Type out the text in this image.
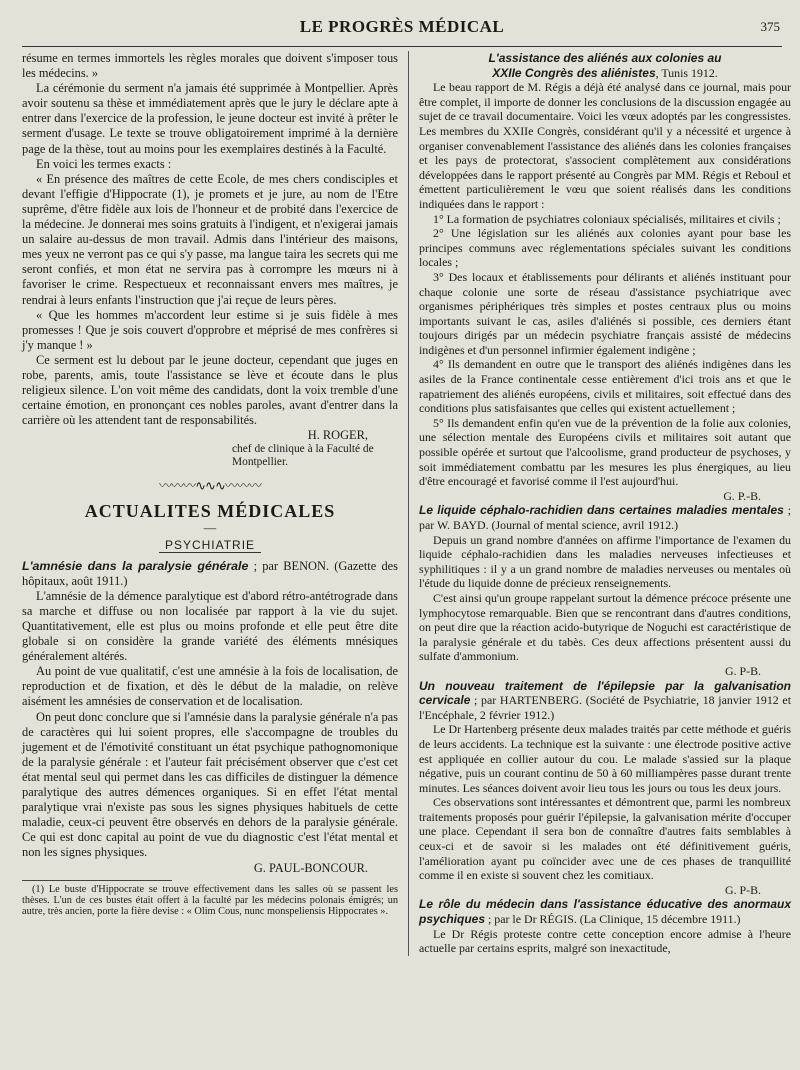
LE PROGRÈS MÉDICAL	375

résume en termes immortels les règles morales que doivent s'imposer tous les médecins. »

La cérémonie du serment n'a jamais été supprimée à Montpellier. Après avoir soutenu sa thèse et immédiatement après que le jury le déclare apte à entrer dans l'exercice de la profession, le jeune docteur est invité à prêter le serment d'usage. Le texte se trouve obligatoirement imprimé à la dernière page de la thèse, tout au moins pour les exemplaires destinés à la Faculté.

En voici les termes exacts :

« En présence des maîtres de cette Ecole, de mes chers condisciples et devant l'effigie d'Hippocrate (1), je promets et je jure, au nom de l'Etre suprême, d'être fidèle aux lois de l'honneur et de probité dans l'exercice de la médecine. Je donnerai mes soins gratuits à l'indigent, et n'exigerai jamais un salaire au-dessus de mon travail. Admis dans l'intérieur des maisons, mes yeux ne verront pas ce qui s'y passe, ma langue taira les secrets qui me seront confiés, et mon état ne servira pas à corrompre les mœurs ni à favoriser le crime. Respectueux et reconnaissant envers mes maîtres, je rendrai à leurs enfants l'instruction que j'ai reçue de leurs pères.

« Que les hommes m'accordent leur estime si je suis fidèle à mes promesses ! Que je sois couvert d'opprobre et méprisé de mes confrères si j'y manque ! »

Ce serment est lu debout par le jeune docteur, cependant que juges en robe, parents, amis, toute l'assistance se lève et écoute dans le plus religieux silence. L'on voit même des candidats, dont la voix tremble d'une certaine émotion, en prononçant ces nobles paroles, avant d'entrer dans la carrière où les attendent tant de responsabilités.

H. ROGER,

chef de clinique à la Faculté de Montpellier.

〰〰〰∿∿∿〰〰〰
ACTUALITES MÉDICALES
—
PSYCHIATRIE

L'amnésie dans la paralysie générale ; par BENON. (Gazette des hôpitaux, août 1911.)

L'amnésie de la démence paralytique est d'abord rétro-antétrograde dans sa marche et diffuse ou non localisée par rapport à la vie du sujet. Quantitativement, elle est plus ou moins profonde et elle peut être dite globale si on considère la grande variété des éléments mnésiques généralement altérés.

Au point de vue qualitatif, c'est une amnésie à la fois de localisation, de reproduction et de fixation, et dès le début de la maladie, on relève aisément les amnésies de conservation et de localisation.

On peut donc conclure que si l'amnésie dans la paralysie générale n'a pas de caractères qui lui soient propres, elle s'accompagne de troubles du jugement et de l'émotivité constituant un état psychique pathognomonique de la paralysie générale : et l'auteur fait précisément observer que c'est cet état mental seul qui permet dans les cas difficiles de distinguer la démence paralytique des autres démences organiques. Si en effet l'état mental paralytique vrai n'existe pas sous les signes physiques habituels de cette maladie, ceux-ci peuvent être observés en dehors de la paralysie générale. Ce qui est donc capital au point de vue du diagnostic c'est l'état mental et non les signes physiques.

G. PAUL-BONCOUR.

(1) Le buste d'Hippocrate se trouve effectivement dans les salles où se passent les thèses. L'un de ces bustes était offert à la faculté par les médecins polonais émigrés; un autre, très ancien, porte la fière devise : « Olim Cous, nunc monspeliensis Hippocrates ».

L'assistance des aliénés aux colonies au
XXIIe Congrès des aliénistes, Tunis 1912.

Le beau rapport de M. Régis a déjà été analysé dans ce journal, mais pour être complet, il importe de donner les conclusions de la discussion engagée au sujet de ce travail documentaire. Voici les vœux adoptés par les congressistes. Les membres du XXIIe Congrès, considérant qu'il y a nécessité et urgence à organiser convenablement l'assistance des aliénés dans les colonies françaises et les pays de protectorat, s'associent complètement aux considérations développées dans le rapport présenté au Congrès par MM. Régis et Reboul et émettent particulièrement le vœu que soient réalisés dans les conditions indiquées dans le rapport :

1° La formation de psychiatres coloniaux spécialisés, militaires et civils ;

2° Une législation sur les aliénés aux colonies ayant pour base les principes communs avec réglementations spéciales suivant les conditions locales ;

3° Des locaux et établissements pour délirants et aliénés instituant pour chaque colonie une sorte de réseau d'assistance psychiatrique avec organismes périphériques très simples et postes centraux plus ou moins importants suivant le cas, asiles d'aliénés si possible, ces derniers étant toujours dirigés par un médecin psychiatre français assisté de médecins indigènes et d'un personnel infirmier également indigène ;

4° Ils demandent en outre que le transport des aliénés indigènes dans les asiles de la France continentale cesse entièrement d'ici trois ans et que le rapatriement des aliénés européens, civils et militaires, soit effectué dans des conditions plus satisfaisantes que celles qui existent actuellement ;

5° Ils demandent enfin qu'en vue de la prévention de la folie aux colonies, une sélection mentale des Européens civils et militaires soit autant que possible opérée et surtout que l'alcoolisme, grand producteur de psychoses, y soit immédiatement combattu par les mesures les plus énergiques, au lieu d'être encouragé et favorisé comme il l'est aujourd'hui.

G. P.-B.

Le liquide céphalo-rachidien dans certaines maladies mentales ; par W. BAYD. (Journal of mental science, avril 1912.)

Depuis un grand nombre d'années on affirme l'importance de l'examen du liquide céphalo-rachidien dans les maladies nerveuses infectieuses et syphilitiques : il y a un grand nombre de maladies nerveuses ou mentales où l'étude du liquide donne de précieux renseignements.

C'est ainsi qu'un groupe rappelant surtout la démence précoce présente une lymphocytose remarquable. Bien que se rencontrant dans d'autres conditions, on peut dire que la réaction acido-butyrique de Noguchi est caractéristique de la paralysie générale et du tabès. Ces deux affections présentent aussi du sulfate d'ammonium.

G. P-B.

Un nouveau traitement de l'épilepsie par la galvanisation cervicale ; par HARTENBERG. (Société de Psychiatrie, 18 janvier 1912 et l'Encéphale, 2 février 1912.)

Le Dr Hartenberg présente deux malades traités par cette méthode et guéris de leurs accidents. La technique est la suivante : une électrode positive active est appliquée en collier autour du cou. Le malade s'assied sur la plaque négative, puis un courant continu de 50 à 60 milliampères passe durant trente minutes. Les séances doivent avoir lieu tous les jours ou tous les deux jours.

Ces observations sont intéressantes et démontrent que, parmi les nombreux traitements proposés pour guérir l'épilepsie, la galvanisation mérite d'occuper une place. Cependant il sera bon de connaître d'autres faits semblables à ceux-ci et de savoir si les malades ont été définitivement guéris, l'amélioration ayant pu coïncider avec une de ces phases de tranquillité comme il en existe si souvent chez les comitiaux.

G. P-B.

Le rôle du médecin dans l'assistance éducative des anormaux psychiques ; par le Dr RÉGIS. (La Clinique, 15 décembre 1911.)

Le Dr Régis proteste contre cette conception encore admise à l'heure actuelle par certains esprits, malgré son inexactitude,
